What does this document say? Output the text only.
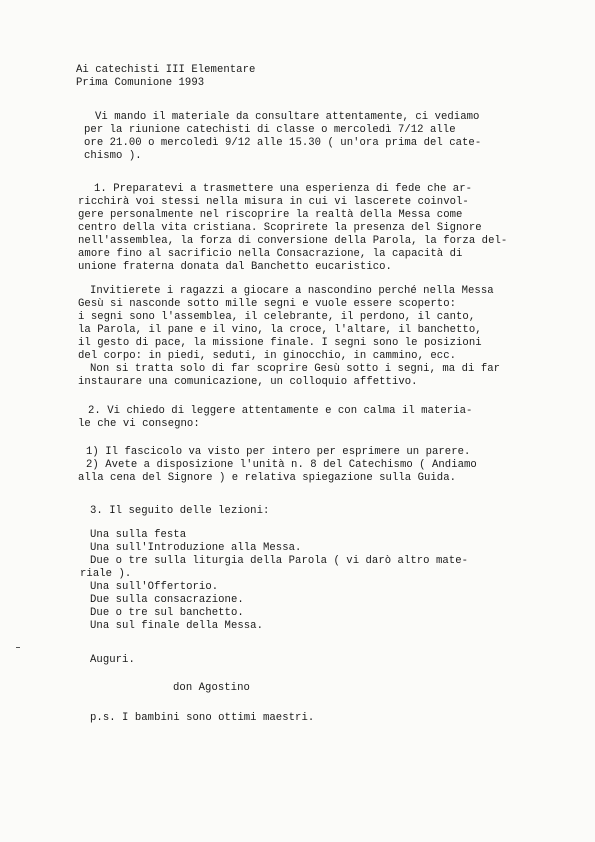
Ai catechisti III Elementare
Prima Comunione 1993
Vi mando il materiale da consultare attentamente, ci vediamo
per la riunione catechisti di classe o mercoledì 7/12 alle
ore 21.00 o mercoledì 9/12 alle 15.30 ( un'ora prima del cate-
chismo ).
1. Preparatevi a trasmettere una esperienza di fede che ar-
ricchirà voi stessi nella misura in cui vi lascerete coinvol-
gere personalmente nel riscoprire la realtà della Messa come
centro della vita cristiana. Scoprirete la presenza del Signore
nell'assemblea, la forza di conversione della Parola, la forza del-
amore fino al sacrificio nella Consacrazione, la capacità di
unione fraterna donata dal Banchetto eucaristico.
Invitierete i ragazzi a giocare a nascondino perché nella Messa
Gesù si nasconde sotto mille segni e vuole essere scoperto:
i segni sono l'assemblea, il celebrante, il perdono, il canto,
la Parola, il pane e il vino, la croce, l'altare, il banchetto,
il gesto di pace, la missione finale. I segni sono le posizioni
del corpo: in piedi, seduti, in ginocchio, in cammino, ecc.
Non si tratta solo di far scoprire Gesù sotto i segni, ma di far
instaurare una comunicazione, un colloquio affettivo.
2. Vi chiedo di leggere attentamente e con calma il materia-
le che vi consegno:
1) Il fascicolo va visto per intero per esprimere un parere.
2) Avete a disposizione l'unità n. 8 del Catechismo ( Andiamo
alla cena del Signore ) e relativa spiegazione sulla Guida.
3. Il seguito delle lezioni:
Una sulla festa
Una sull'Introduzione alla Messa.
Due o tre sulla liturgia della Parola ( vi darò altro mate-
riale ).
Una sull'Offertorio.
Due sulla consacrazione.
Due o tre sul banchetto.
Una sul finale della Messa.
Auguri.
don Agostino
p.s. I bambini sono ottimi maestri.
